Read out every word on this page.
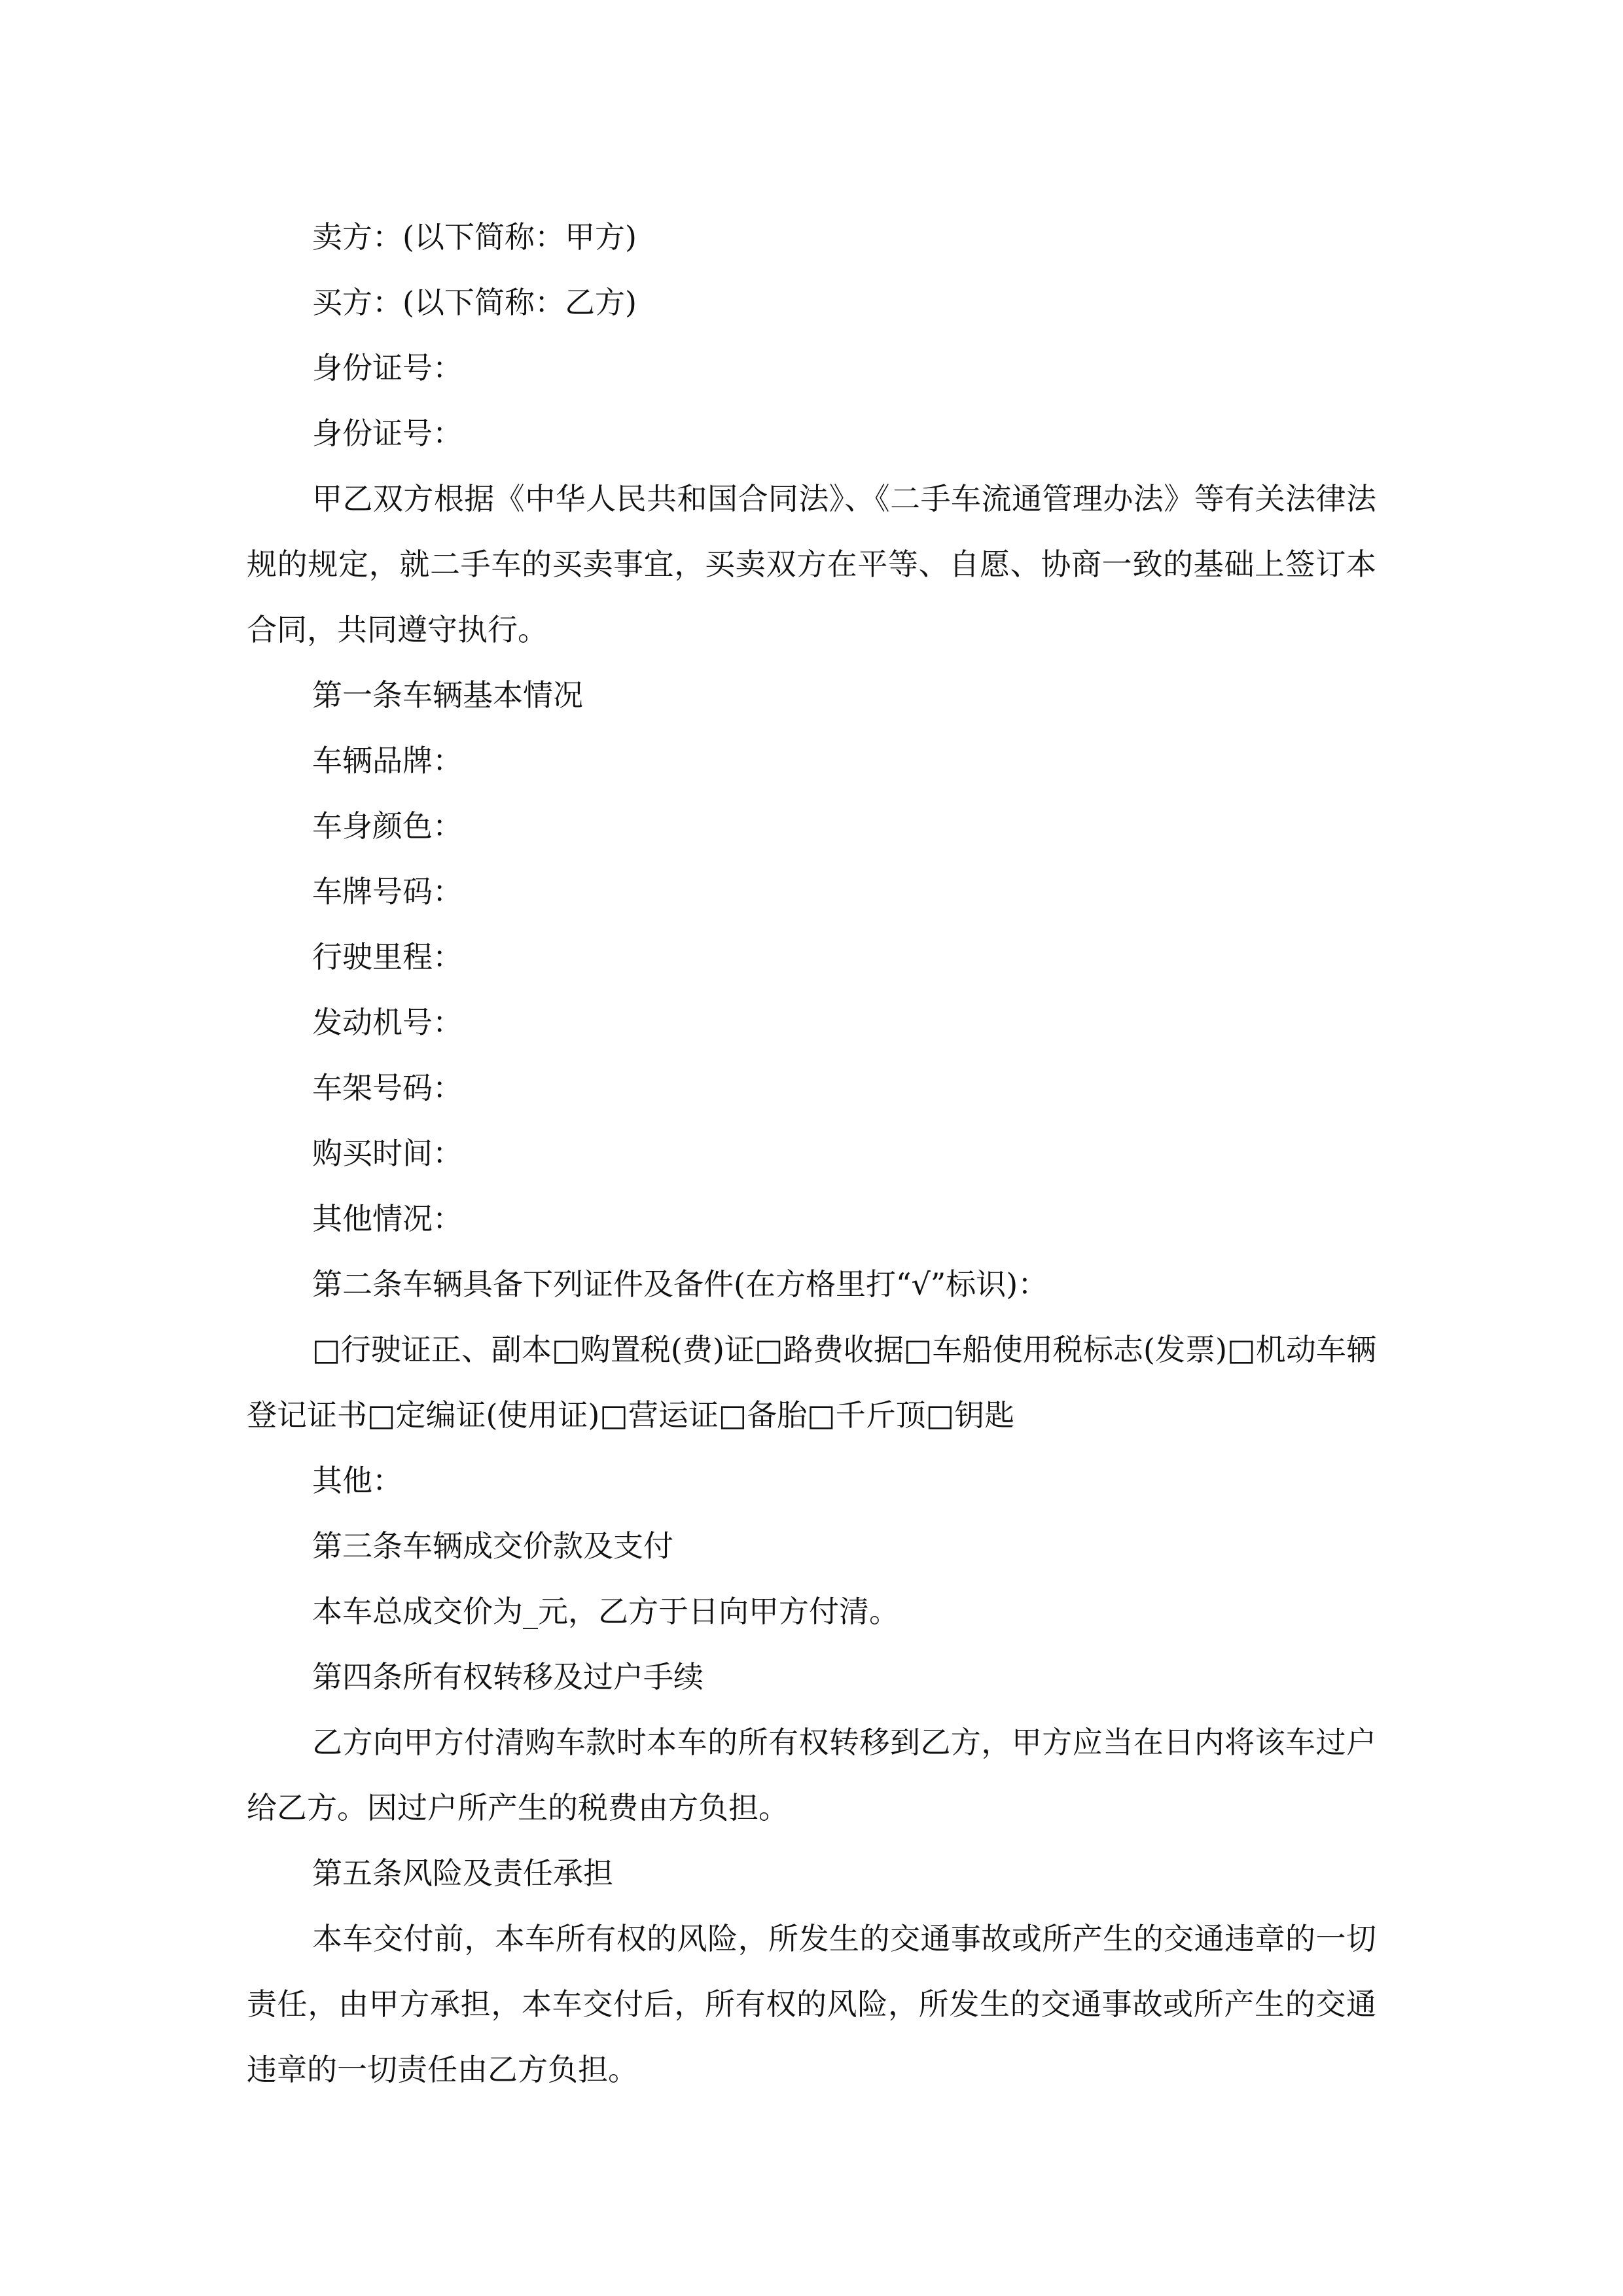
卖方：(以下简称：甲方)
买方：(以下简称：乙方)
身份证号：
身份证号：

甲乙双方根据《中华人民共和国合同法》、《二手车流通管理办法》等有关法律法规的规定，就二手车的买卖事宜，买卖双方在平等、自愿、协商一致的基础上签订本合同，共同遵守执行。

第一条车辆基本情况
车辆品牌：
车身颜色：
车牌号码：
行驶里程：
发动机号：
车架号码：
购买时间：
其他情况：
第二条车辆具备下列证件及备件(在方格里打“√”标识)：

□行驶证正、副本□购置税(费)证□路费收据□车船使用税标志(发票)□机动车辆登记证书□定编证(使用证)□营运证□备胎□千斤顶□钥匙

其他：
第三条车辆成交价款及支付
本车总成交价为_元，乙方于日向甲方付清。
第四条所有权转移及过户手续

乙方向甲方付清购车款时本车的所有权转移到乙方，甲方应当在日内将该车过户给乙方。因过户所产生的税费由方负担。

第五条风险及责任承担

本车交付前，本车所有权的风险，所发生的交通事故或所产生的交通违章的一切责任，由甲方承担，本车交付后，所有权的风险，所发生的交通事故或所产生的交通违章的一切责任由乙方负担。
